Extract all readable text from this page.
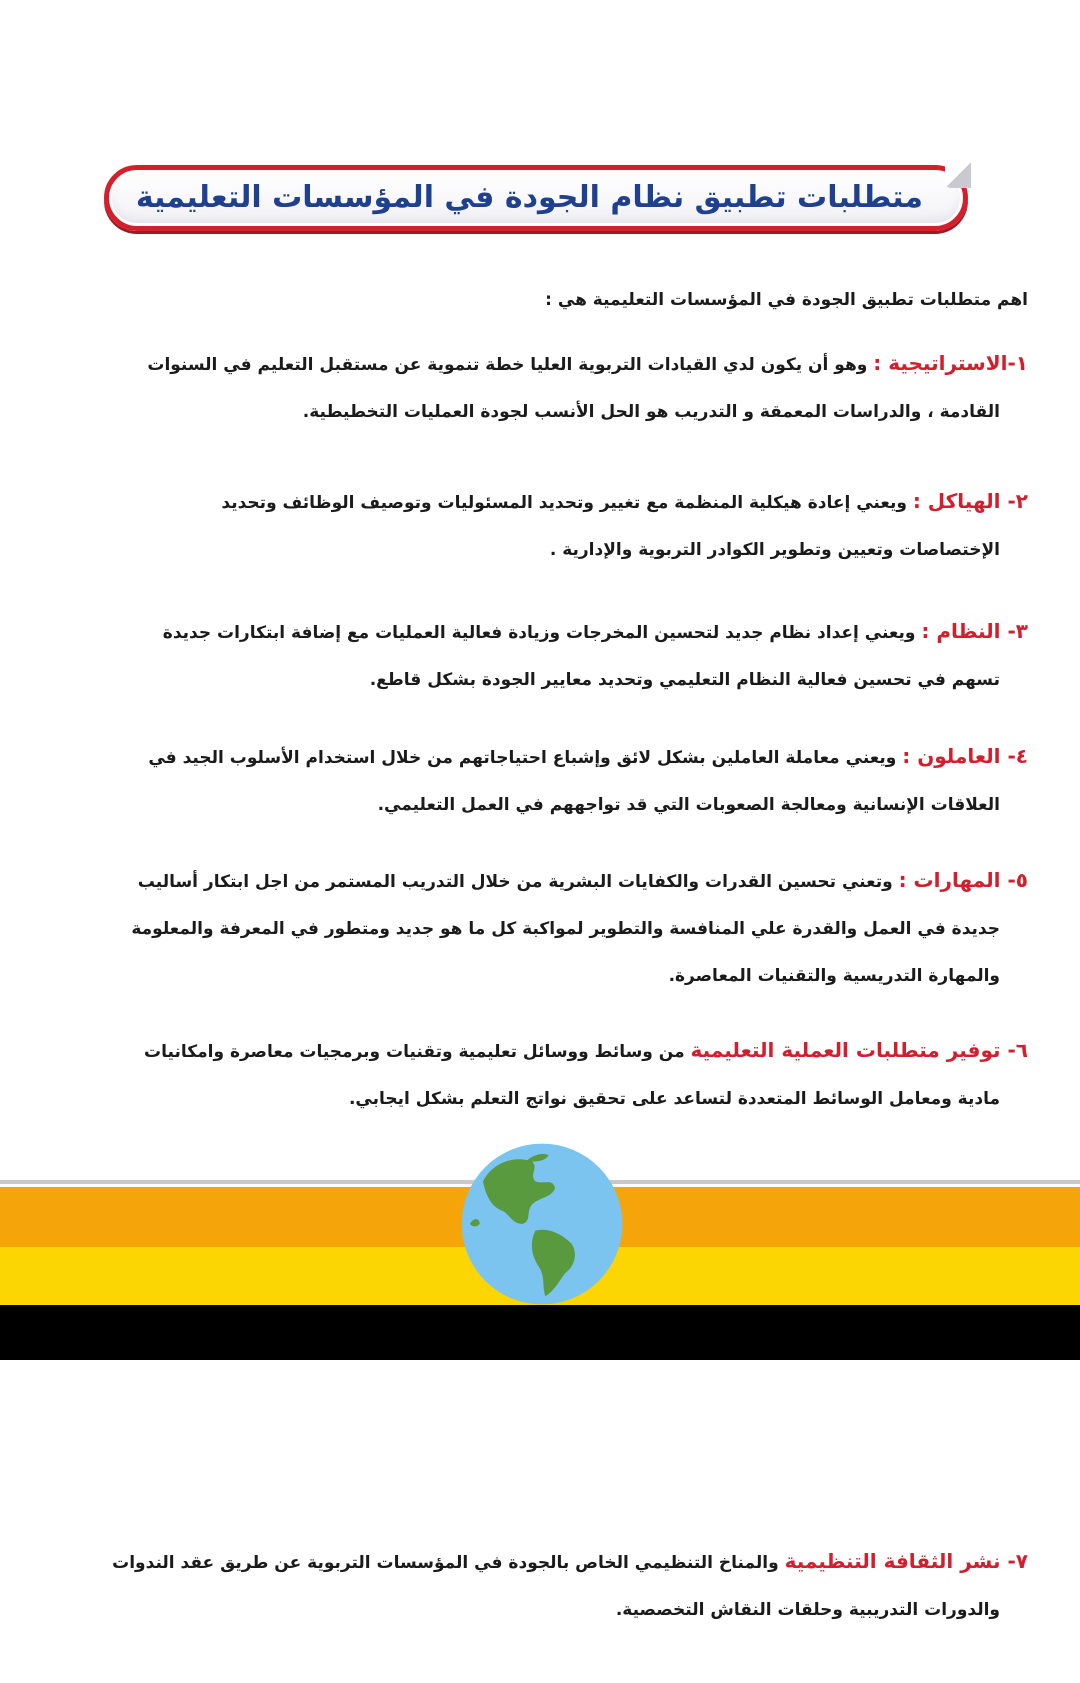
متطلبات تطبيق نظام الجودة في المؤسسات التعليمية
اهم متطلبات تطبيق الجودة في المؤسسات التعليمية هي :
١-الاستراتيجية : وهو أن يكون لدي القيادات التربوية العليا خطة تنموية عن مستقبل التعليم في السنوات
القادمة ، والدراسات المعمقة و التدريب هو الحل الأنسب لجودة العمليات التخطيطية.
٢- الهياكل : ويعني إعادة هيكلية المنظمة مع تغيير وتحديد المسئوليات وتوصيف الوظائف وتحديد
الإختصاصات وتعيين وتطوير الكوادر التربوية والإدارية .
٣- النظام : ويعني إعداد نظام جديد لتحسين المخرجات وزيادة فعالية العمليات مع إضافة ابتكارات جديدة
تسهم في تحسين فعالية النظام التعليمي وتحديد معايير الجودة بشكل قاطع.
٤- العاملون : ويعني معاملة العاملين بشكل لائق وإشباع احتياجاتهم من خلال استخدام الأسلوب الجيد في
العلاقات الإنسانية ومعالجة الصعوبات التي قد تواجههم في العمل التعليمي.
٥- المهارات : وتعني تحسين القدرات والكفايات البشرية من خلال التدريب المستمر من اجل ابتكار أساليب
جديدة في العمل والقدرة علي المنافسة والتطوير لمواكبة كل ما هو جديد ومتطور في المعرفة والمعلومة
والمهارة التدريسية والتقنيات المعاصرة.
٦- توفير متطلبات العملية التعليمية من وسائط ووسائل تعليمية وتقنيات وبرمجيات معاصرة وامكانيات
مادية ومعامل الوسائط المتعددة لتساعد على تحقيق نواتج التعلم بشكل ايجابي.
٧- نشر الثقافة التنظيمية والمناخ التنظيمي الخاص بالجودة في المؤسسات التربوية عن طريق عقد الندوات
والدورات التدريبية وحلقات النقاش التخصصية.
